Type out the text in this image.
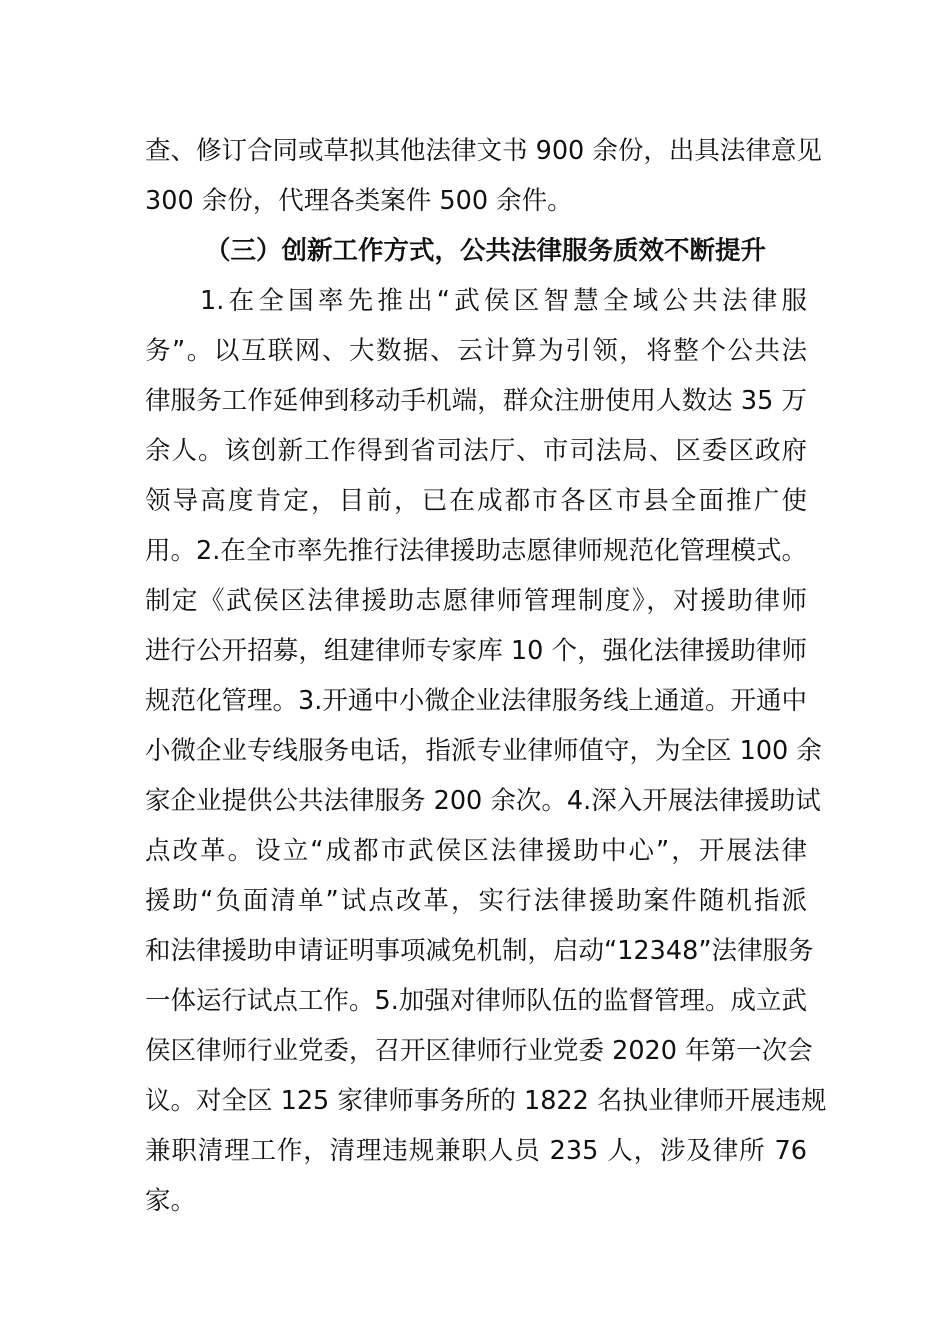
查、修订合同或草拟其他法律文书 900 余份，出具法律意见
300 余份，代理各类案件 500 余件。
（三）创新工作方式，公共法律服务质效不断提升
1.在全国率先推出“武侯区智慧全域公共法律服
务”。以互联网、大数据、云计算为引领，将整个公共法
律服务工作延伸到移动手机端，群众注册使用人数达 35 万
余人。该创新工作得到省司法厅、市司法局、区委区政府
领导高度肯定，目前，已在成都市各区市县全面推广使
用。2.在全市率先推行法律援助志愿律师规范化管理模式。
制定《武侯区法律援助志愿律师管理制度》，对援助律师
进行公开招募，组建律师专家库 10 个，强化法律援助律师
规范化管理。3.开通中小微企业法律服务线上通道。开通中
小微企业专线服务电话，指派专业律师值守，为全区 100 余
家企业提供公共法律服务 200 余次。4.深入开展法律援助试
点改革。设立“成都市武侯区法律援助中心”，开展法律
援助“负面清单”试点改革，实行法律援助案件随机指派
和法律援助申请证明事项减免机制，启动“12348”法律服务
一体运行试点工作。5.加强对律师队伍的监督管理。成立武
侯区律师行业党委，召开区律师行业党委 2020 年第一次会
议。对全区 125 家律师事务所的 1822 名执业律师开展违规
兼职清理工作，清理违规兼职人员 235 人，涉及律所 76
家。
